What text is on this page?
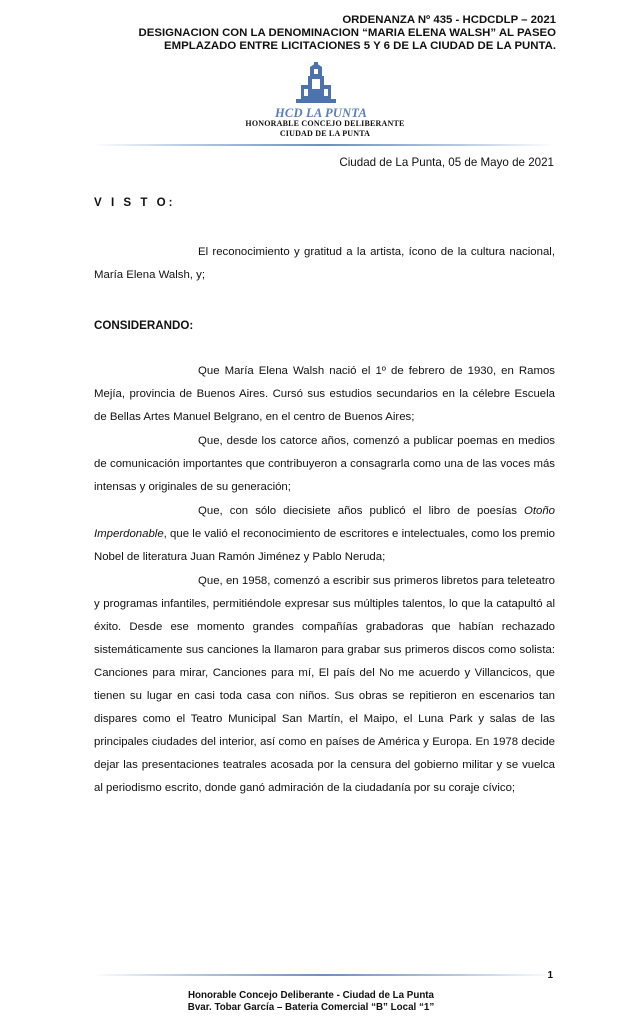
ORDENANZA Nº 435 - HCDCDLP – 2021
DESIGNACION CON LA DENOMINACION “MARIA ELENA WALSH” AL PASEO
EMPLAZADO ENTRE LICITACIONES 5 Y 6 DE LA CIUDAD DE LA PUNTA.
HCD LA PUNTA
HONORABLE CONCEJO DELIBERANTE
CIUDAD DE LA PUNTA
Ciudad de La Punta, 05 de Mayo de 2021
V I S T O:

El reconocimiento y gratitud a la artista, ícono de la cultura nacional, María Elena Walsh, y;

CONSIDERANDO:

Que María Elena Walsh nació el 1º de febrero de 1930, en Ramos Mejía, provincia de Buenos Aires. Cursó sus estudios secundarios en la célebre Escuela de Bellas Artes Manuel Belgrano, en el centro de Buenos Aires;

Que, desde los catorce años, comenzó a publicar poemas en medios de comunicación importantes que contribuyeron a consagrarla como una de las voces más intensas y originales de su generación;

Que, con sólo diecisiete años publicó el libro de poesías Otoño Imperdonable, que le valió el reconocimiento de escritores e intelectuales, como los premio Nobel de literatura Juan Ramón Jiménez y Pablo Neruda;

Que, en 1958, comenzó a escribir sus primeros libretos para teleteatro y programas infantiles, permitiéndole expresar sus múltiples talentos, lo que la catapultó al éxito. Desde ese momento grandes compañías grabadoras que habían rechazado sistemáticamente sus canciones la llamaron para grabar sus primeros discos como solista: Canciones para mirar, Canciones para mí, El país del No me acuerdo y Villancicos, que tienen su lugar en casi toda casa con niños. Sus obras se repitieron en escenarios tan dispares como el Teatro Municipal San Martín, el Maipo, el Luna Park y salas de las principales ciudades del interior, así como en países de América y Europa. En 1978 decide dejar las presentaciones teatrales acosada por la censura del gobierno militar y se vuelca al periodismo escrito, donde ganó admiración de la ciudadanía por su coraje cívico;

1
Honorable Concejo Deliberante - Ciudad de La Punta
Bvar. Tobar García – Bateria Comercial “B” Local “1”
